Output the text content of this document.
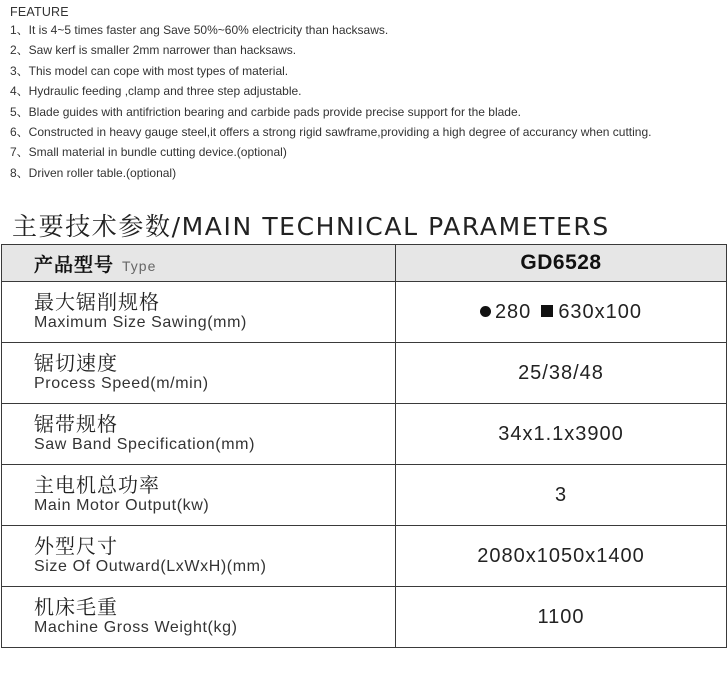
FEATURE
1、It is 4~5 times faster ang Save 50%~60% electricity than hacksaws.
2、Saw kerf is smaller 2mm narrower than hacksaws.
3、This model can cope with most types of material.
4、Hydraulic feeding ,clamp and three step adjustable.
5、Blade guides with antifriction bearing and carbide pads provide precise support for the blade.
6、Constructed in heavy gauge steel,it offers a strong rigid sawframe,providing a high degree of accurancy when cutting.
7、Small material in bundle cutting device.(optional)
8、Driven roller table.(optional)
主要技术参数/MAIN TECHNICAL PARAMETERS
产品型号 Type	GD6528

最大锯削规格
Maximum Size Sawing(mm)	280 630x100

锯切速度
Process Speed(m/min)	25/38/48

锯带规格
Saw Band Specification(mm)	34x1.1x3900

主电机总功率
Main Motor Output(kw)	3

外型尺寸
Size Of Outward(LxWxH)(mm)	2080x1050x1400

机床毛重
Machine Gross Weight(kg)	1100
